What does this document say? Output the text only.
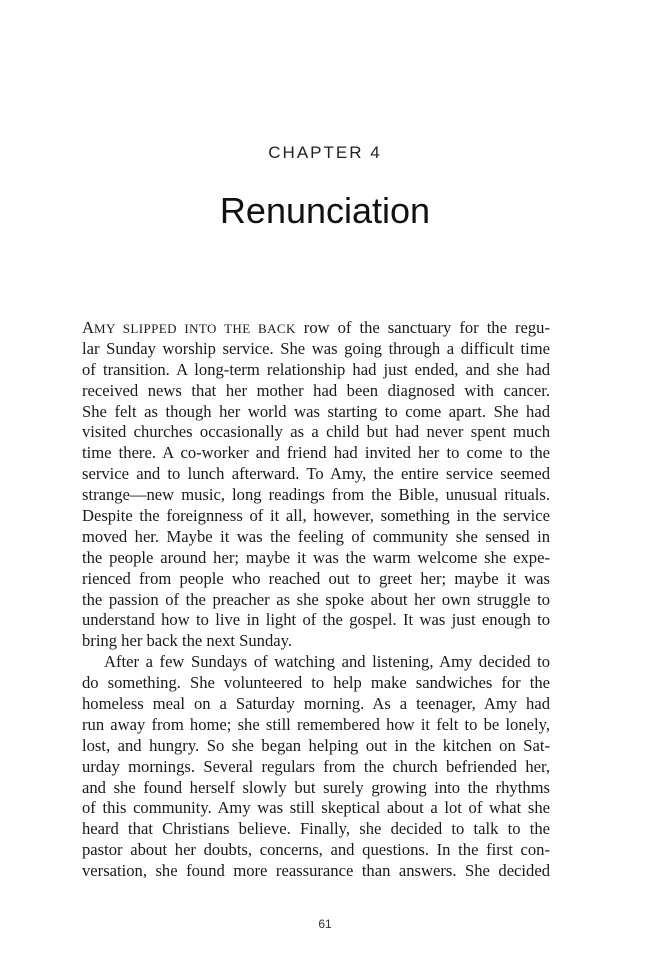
CHAPTER 4
Renunciation
AMY SLIPPED INTO THE BACK row of the sanctuary for the regu-
lar Sunday worship service. She was going through a difficult time
of transition. A long-term relationship had just ended, and she had
received news that her mother had been diagnosed with cancer.
She felt as though her world was starting to come apart. She had
visited churches occasionally as a child but had never spent much
time there. A co-worker and friend had invited her to come to the
service and to lunch afterward. To Amy, the entire service seemed
strange—new music, long readings from the Bible, unusual rituals.
Despite the foreignness of it all, however, something in the service
moved her. Maybe it was the feeling of community she sensed in
the people around her; maybe it was the warm welcome she expe-
rienced from people who reached out to greet her; maybe it was
the passion of the preacher as she spoke about her own struggle to
understand how to live in light of the gospel. It was just enough to
bring her back the next Sunday.
After a few Sundays of watching and listening, Amy decided to
do something. She volunteered to help make sandwiches for the
homeless meal on a Saturday morning. As a teenager, Amy had
run away from home; she still remembered how it felt to be lonely,
lost, and hungry. So she began helping out in the kitchen on Sat-
urday mornings. Several regulars from the church befriended her,
and she found herself slowly but surely growing into the rhythms
of this community. Amy was still skeptical about a lot of what she
heard that Christians believe. Finally, she decided to talk to the
pastor about her doubts, concerns, and questions. In the first con-
versation, she found more reassurance than answers. She decided
61
